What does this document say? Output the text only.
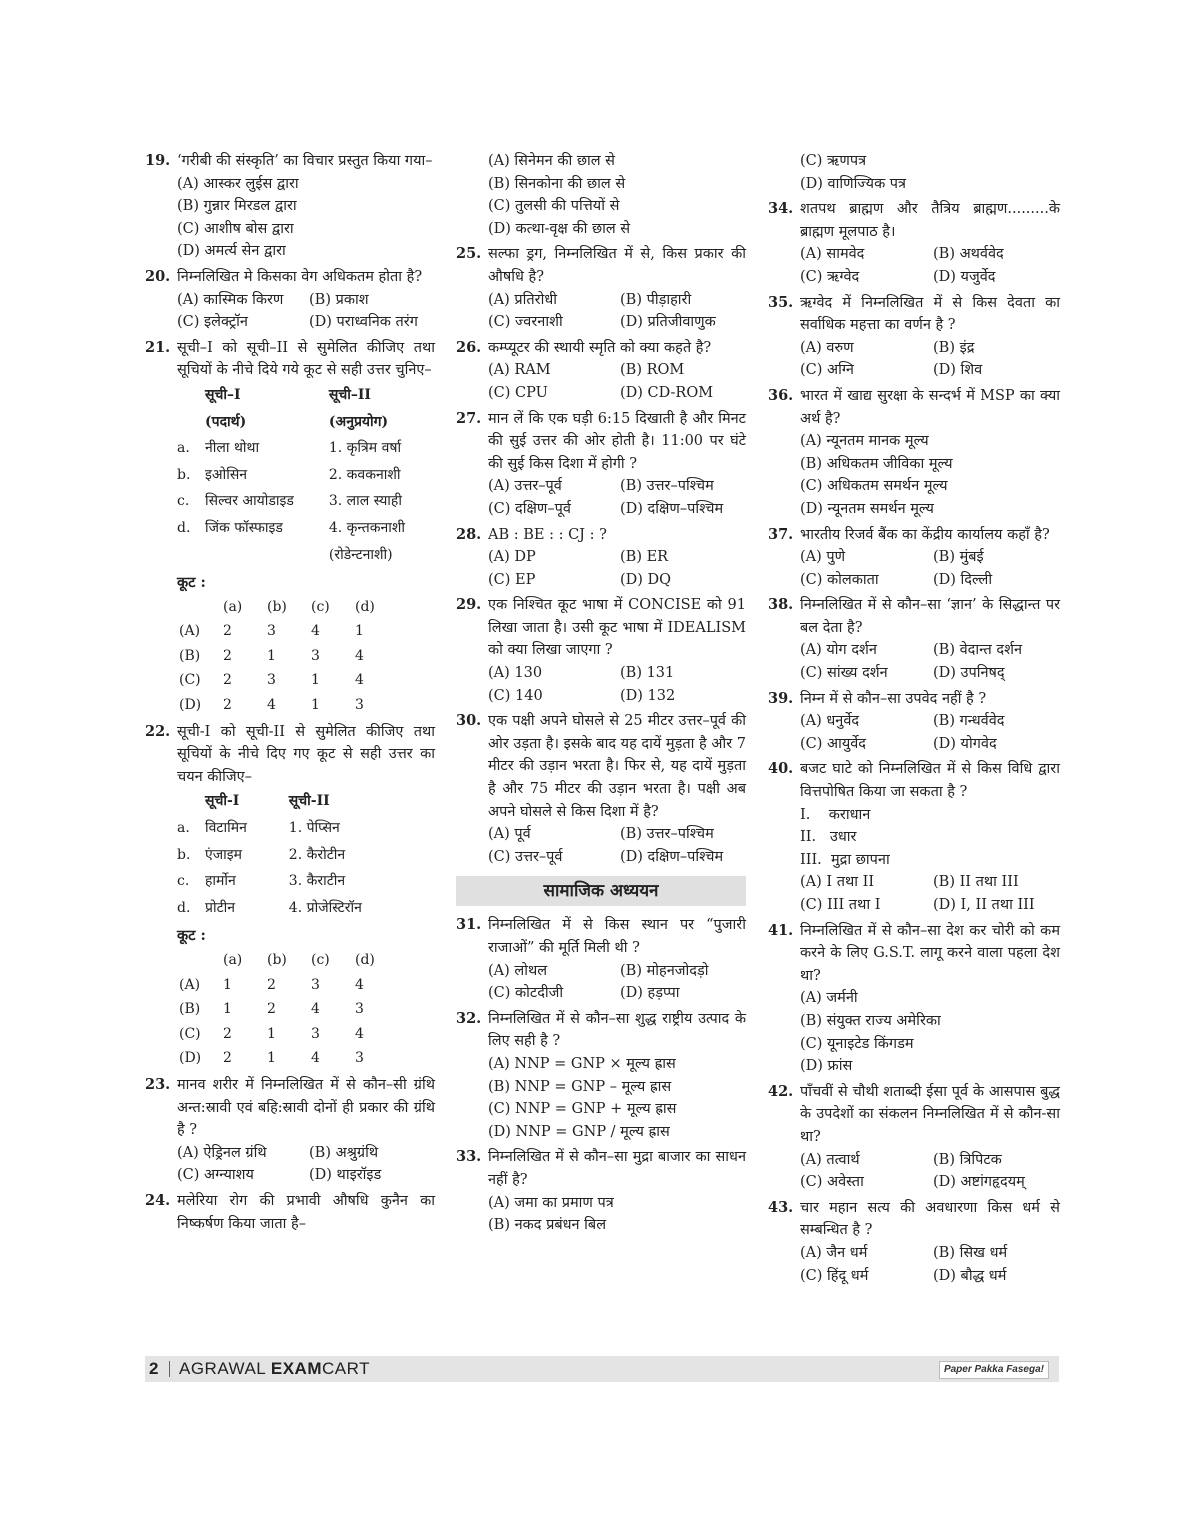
19. ‘गरीबी की संस्कृति’ का विचार प्रस्तुत किया गया–
(A) आस्कर लुईस द्वारा
(B) गुन्नार मिरडल द्वारा
(C) आशीष बोस द्वारा
(D) अमर्त्य सेन द्वारा
20. निम्नलिखित मे किसका वेग अधिकतम होता है?
(A) कास्मिक किरण	(B) प्रकाश
(C) इलेक्ट्रॉन	(D) पराध्वनिक तरंग
21. सूची–I को सूची–II से सुमेलित कीजिए तथा सूचियों के नीचे दिये गये कूट से सही उत्तर चुनिए–
	सूची–I	सूची–II
	(पदार्थ)	(अनुप्रयोग)
a.	नीला थोथा	1. कृत्रिम वर्षा
b.	इओसिन	2. कवकनाशी
c.	सिल्वर आयोडाइड	3. लाल स्याही
d.	जिंक फॉस्फाइड	4. कृन्तकनाशी
		(रोडेन्टनाशी)
कूट :
	(a)	(b)	(c)	(d)
(A)	2	3	4	1
(B)	2	1	3	4
(C)	2	3	1	4
(D)	2	4	1	3
22. सूची-I को सूची-II से सुमेलित कीजिए तथा सूचियों के नीचे दिए गए कूट से सही उत्तर का चयन कीजिए–
	सूची-I	सूची-II
a.	विटामिन	1. पेप्सिन
b.	एंजाइम	2. कैरोटीन
c.	हार्मोन	3. कैराटीन
d.	प्रोटीन	4. प्रोजेस्टिरॉन
कूट :
	(a)	(b)	(c)	(d)
(A)	1	2	3	4
(B)	1	2	4	3
(C)	2	1	3	4
(D)	2	1	4	3
23. मानव शरीर में निम्नलिखित में से कौन–सी ग्रंथि अन्त:स्रावी एवं बहि:स्रावी दोनों ही प्रकार की ग्रंथि है ?
(A) ऐड्रिनल ग्रंथि	(B) अश्रुग्रंथि
(C) अग्न्याशय	(D) थाइरॉइड
24. मलेरिया रोग की प्रभावी औषधि कुनैन का निष्कर्षण किया जाता है–
(A) सिनेमन की छाल से
(B) सिनकोना की छाल से
(C) तुलसी की पत्तियों से
(D) कत्था-वृक्ष की छाल से
25. सल्फा ड्रग, निम्नलिखित में से, किस प्रकार की औषधि है?
(A) प्रतिरोधी	(B) पीड़ाहारी
(C) ज्वरनाशी	(D) प्रतिजीवाणुक
26. कम्प्यूटर की स्थायी स्मृति को क्या कहते है?
(A) RAM	(B) ROM
(C) CPU	(D) CD-ROM
27. मान लें कि एक घड़ी 6:15 दिखाती है और मिनट की सुई उत्तर की ओर होती है। 11:00 पर घंटे की सुई किस दिशा में होगी ?
(A) उत्तर–पूर्व	(B) उत्तर–पश्चिम
(C) दक्षिण–पूर्व	(D) दक्षिण–पश्चिम
28. AB : BE : : CJ : ?
(A) DP	(B) ER
(C) EP	(D) DQ
29. एक निश्चित कूट भाषा में CONCISE को 91 लिखा जाता है। उसी कूट भाषा में IDEALISM को क्या लिखा जाएगा ?
(A) 130	(B) 131
(C) 140	(D) 132
30. एक पक्षी अपने घोसले से 25 मीटर उत्तर–पूर्व की ओर उड़ता है। इसके बाद यह दायें मुड़ता है और 7 मीटर की उड़ान भरता है। फिर से, यह दायें मुड़ता है और 75 मीटर की उड़ान भरता है। पक्षी अब अपने घोसले से किस दिशा में है?
(A) पूर्व	(B) उत्तर–पश्चिम
(C) उत्तर–पूर्व	(D) दक्षिण–पश्चिम
सामाजिक अध्ययन
31. निम्नलिखित में से किस स्थान पर “पुजारी राजाओं” की मूर्ति मिली थी ?
(A) लोथल	(B) मोहनजोदड़ो
(C) कोटदीजी	(D) हड़प्पा
32. निम्नलिखित में से कौन–सा शुद्ध राष्ट्रीय उत्पाद के लिए सही है ?
(A) NNP = GNP × मूल्य ह्रास
(B) NNP = GNP – मूल्य ह्रास
(C) NNP = GNP + मूल्य ह्रास
(D) NNP = GNP / मूल्य ह्रास
33. निम्नलिखित में से कौन–सा मुद्रा बाजार का साधन नहीं है?
(A) जमा का प्रमाण पत्र
(B) नकद प्रबंधन बिल
(C) ऋणपत्र
(D) वाणिज्यिक पत्र
34. शतपथ ब्राह्मण और तैत्रिय ब्राह्मण.........के ब्राह्मण मूलपाठ है।
(A) सामवेद	(B) अथर्ववेद
(C) ऋग्वेद	(D) यजुर्वेद
35. ऋग्वेद में निम्नलिखित में से किस देवता का सर्वाधिक महत्ता का वर्णन है ?
(A) वरुण	(B) इंद्र
(C) अग्नि	(D) शिव
36. भारत में खाद्य सुरक्षा के सन्दर्भ में MSP का क्या अर्थ है?
(A) न्यूनतम मानक मूल्य
(B) अधिकतम जीविका मूल्य
(C) अधिकतम समर्थन मूल्य
(D) न्यूनतम समर्थन मूल्य
37. भारतीय रिजर्व बैंक का केंद्रीय कार्यालय कहाँ है?
(A) पुणे	(B) मुंबई
(C) कोलकाता	(D) दिल्ली
38. निम्नलिखित में से कौन–सा ‘ज्ञान’ के सिद्धान्त पर बल देता है?
(A) योग दर्शन	(B) वेदान्त दर्शन
(C) सांख्य दर्शन	(D) उपनिषद्
39. निम्न में से कौन–सा उपवेद नहीं है ?
(A) धनुर्वेद	(B) गन्धर्ववेद
(C) आयुर्वेद	(D) योगवेद
40. बजट घाटे को निम्नलिखित में से किस विधि द्वारा वित्तपोषित किया जा सकता है ?
I.    कराधान
II.   उधार
III.  मुद्रा छापना
(A) I तथा II	(B) II तथा III
(C) III तथा I	(D) I, II तथा III
41. निम्नलिखित में से कौन–सा देश कर चोरी को कम करने के लिए G.S.T. लागू करने वाला पहला देश था?
(A) जर्मनी
(B) संयुक्त राज्य अमेरिका
(C) यूनाइटेड किंगडम
(D) फ्रांस
42. पाँचवीं से चौथी शताब्दी ईसा पूर्व के आसपास बुद्ध के उपदेशों का संकलन निम्नलिखित में से कौन-सा था?
(A) तत्वार्थ	(B) त्रिपिटक
(C) अवेस्ता	(D) अष्टांगहृदयम्
43. चार महान सत्य की अवधारणा किस धर्म से सम्बन्धित है ?
(A) जैन धर्म	(B) सिख धर्म
(C) हिंदू धर्म	(D) बौद्ध धर्म
2 AGRAWAL EXAMCART	Paper Pakka Fasega!
